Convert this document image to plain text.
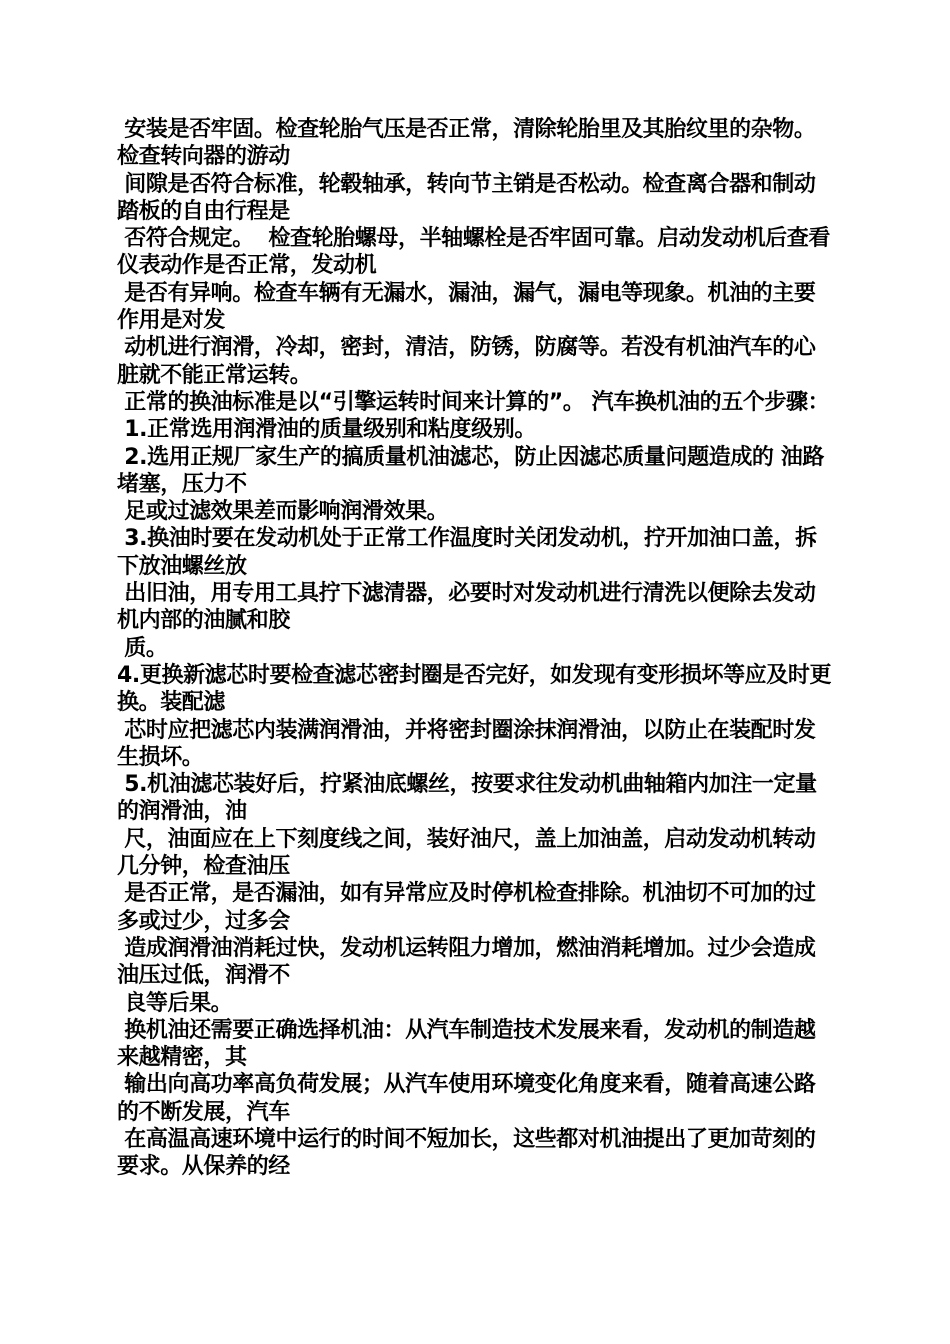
安装是否牢固。检查轮胎气压是否正常，清除轮胎里及其胎纹里的杂物。检查转向器的游动

间隙是否符合标准，轮毂轴承，转向节主销是否松动。检查离合器和制动踏板的自由行程是

否符合规定。  检查轮胎螺母，半轴螺栓是否牢固可靠。启动发动机后查看仪表动作是否正常，发动机

是否有异响。检查车辆有无漏水，漏油，漏气，漏电等现象。机油的主要作用是对发

动机进行润滑，冷却，密封，清洁，防锈，防腐等。若没有机油汽车的心脏就不能正常运转。

正常的换油标准是以“引擎运转时间来计算的”。 汽车换机油的五个步骤：

1.正常选用润滑油的质量级别和粘度级别。

2.选用正规厂家生产的搞质量机油滤芯，防止因滤芯质量问题造成的 油路堵塞，压力不

足或过滤效果差而影响润滑效果。

3.换油时要在发动机处于正常工作温度时关闭发动机，拧开加油口盖，拆下放油螺丝放

出旧油，用专用工具拧下滤清器，必要时对发动机进行清洗以便除去发动机内部的油腻和胶

质。

4.更换新滤芯时要检查滤芯密封圈是否完好，如发现有变形损坏等应及时更换。装配滤

芯时应把滤芯内装满润滑油，并将密封圈涂抹润滑油，以防止在装配时发生损坏。

5.机油滤芯装好后，拧紧油底螺丝，按要求往发动机曲轴箱内加注一定量的润滑油，油

尺，油面应在上下刻度线之间，装好油尺，盖上加油盖，启动发动机转动几分钟，检查油压

是否正常，是否漏油，如有异常应及时停机检查排除。机油切不可加的过多或过少，过多会

造成润滑油消耗过快，发动机运转阻力增加，燃油消耗增加。过少会造成油压过低，润滑不

良等后果。

换机油还需要正确选择机油：从汽车制造技术发展来看，发动机的制造越来越精密，其

输出向高功率高负荷发展；从汽车使用环境变化角度来看，随着高速公路的不断发展，汽车

在高温高速环境中运行的时间不短加长，这些都对机油提出了更加苛刻的要求。从保养的经
